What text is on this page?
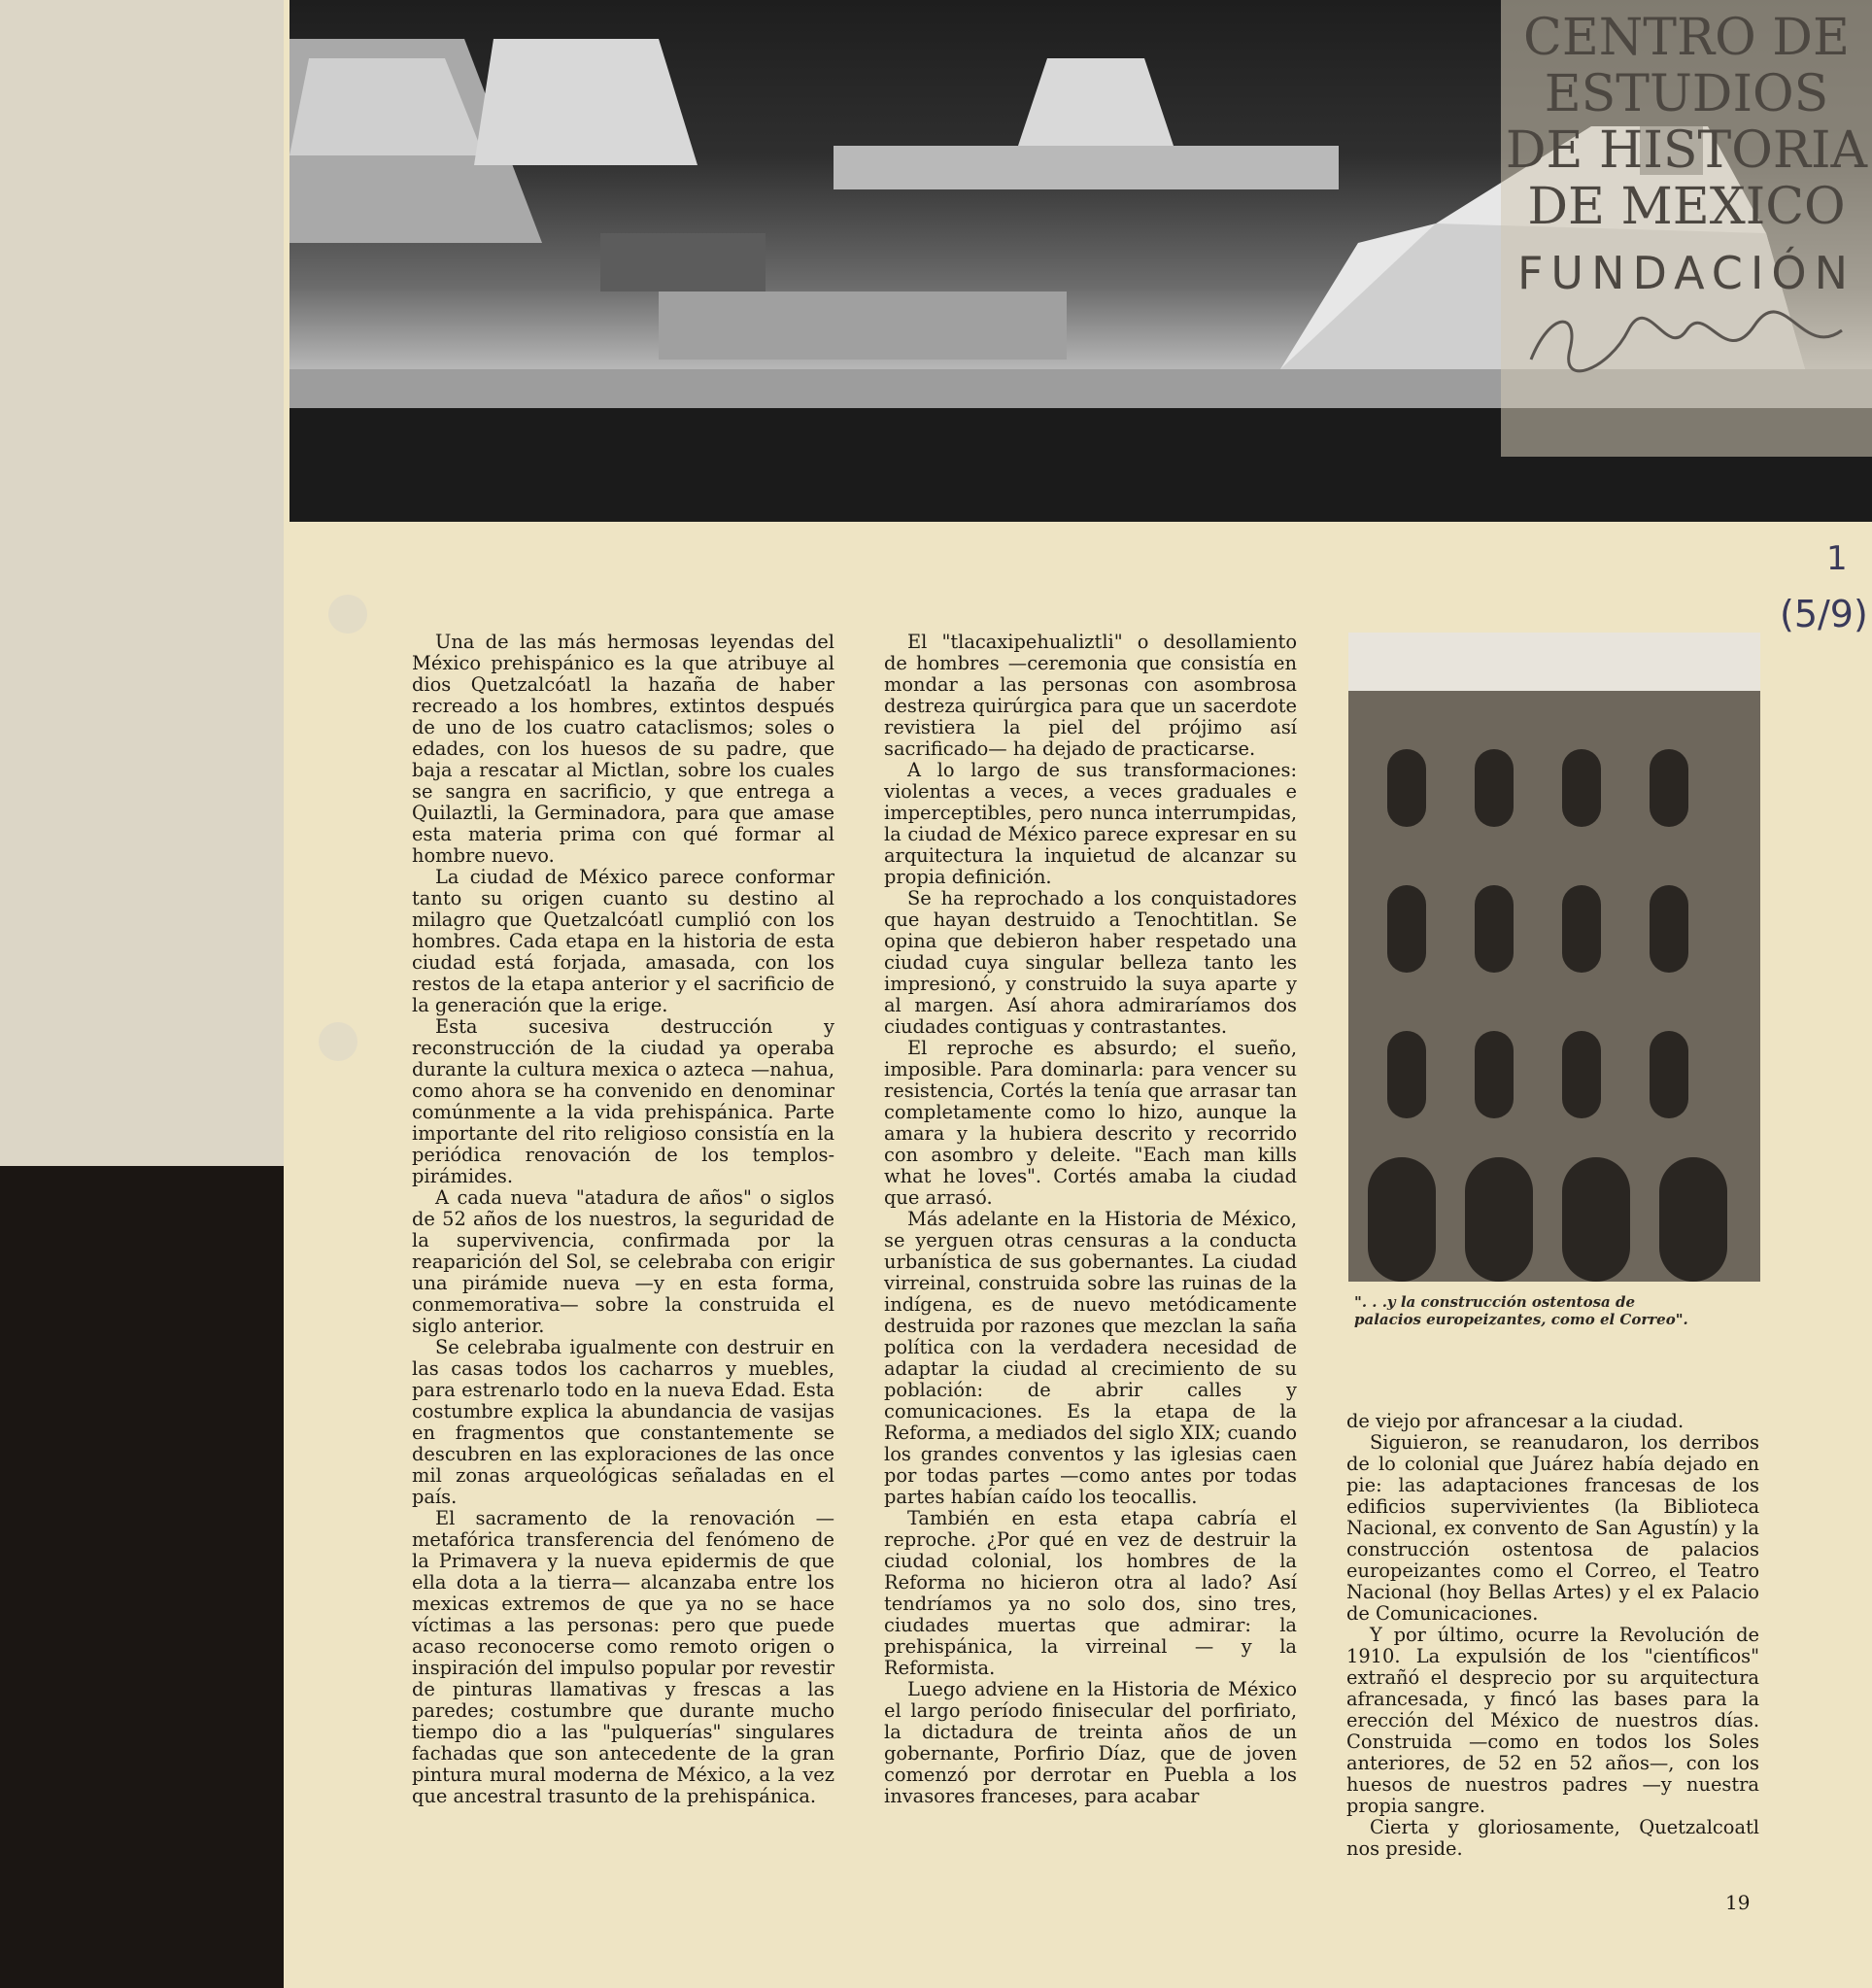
CENTRO DE
ESTUDIOS
DE HISTORIA
DE MEXICO
FUNDACIÓN
1
(5/9)

Una de las más hermosas leyendas del México prehispánico es la que atribuye al dios Quetzalcóatl la hazaña de haber recreado a los hombres, extintos después de uno de los cuatro cataclismos; soles o edades, con los huesos de su padre, que baja a rescatar al Mictlan, sobre los cuales se sangra en sacrificio, y que entrega a Quilaztli, la Germinadora, para que amase esta materia prima con qué formar al hombre nuevo.

La ciudad de México parece conformar tanto su origen cuanto su destino al milagro que Quetzalcóatl cumplió con los hombres. Cada etapa en la historia de esta ciudad está forjada, amasada, con los restos de la etapa anterior y el sacrificio de la generación que la erige.

Esta sucesiva destrucción y reconstrucción de la ciudad ya operaba durante la cultura mexica o azteca —nahua, como ahora se ha convenido en denominar comúnmente a la vida prehispánica. Parte importante del rito religioso consistía en la periódica renovación de los templos-pirámides.

A cada nueva "atadura de años" o siglos de 52 años de los nuestros, la seguridad de la supervivencia, confirmada por la reaparición del Sol, se celebraba con erigir una pirámide nueva —y en esta forma, conmemorativa— sobre la construida el siglo anterior.

Se celebraba igualmente con destruir en las casas todos los cacharros y muebles, para estrenarlo todo en la nueva Edad. Esta costumbre explica la abundancia de vasijas en fragmentos que constantemente se descubren en las exploraciones de las once mil zonas arqueológicas señaladas en el país.

El sacramento de la renovación —metafórica transferencia del fenómeno de la Primavera y la nueva epidermis de que ella dota a la tierra— alcanzaba entre los mexicas extremos de que ya no se hace víctimas a las personas: pero que puede acaso reconocerse como remoto origen o inspiración del impulso popular por revestir de pinturas llamativas y frescas a las paredes; costumbre que durante mucho tiempo dio a las "pulquerías" singulares fachadas que son antecedente de la gran pintura mural moderna de México, a la vez que ancestral trasunto de la prehispánica.

El "tlacaxipehualiztli" o desollamiento de hombres —ceremonia que consistía en mondar a las personas con asombrosa destreza quirúrgica para que un sacerdote revistiera la piel del prójimo así sacrificado— ha dejado de practicarse.

A lo largo de sus transformaciones: violentas a veces, a veces graduales e imperceptibles, pero nunca interrumpidas, la ciudad de México parece expresar en su arquitectura la inquietud de alcanzar su propia definición.

Se ha reprochado a los conquistadores que hayan destruido a Tenochtitlan. Se opina que debieron haber respetado una ciudad cuya singular belleza tanto les impresionó, y construido la suya aparte y al margen. Así ahora admiraríamos dos ciudades contiguas y contrastantes.

El reproche es absurdo; el sueño, imposible. Para dominarla: para vencer su resistencia, Cortés la tenía que arrasar tan completamente como lo hizo, aunque la amara y la hubiera descrito y recorrido con asombro y deleite. "Each man kills what he loves". Cortés amaba la ciudad que arrasó.

Más adelante en la Historia de México, se yerguen otras censuras a la conducta urbanística de sus gobernantes. La ciudad virreinal, construida sobre las ruinas de la indígena, es de nuevo metódicamente destruida por razones que mezclan la saña política con la verdadera necesidad de adaptar la ciudad al crecimiento de su población: de abrir calles y comunicaciones. Es la etapa de la Reforma, a mediados del siglo XIX; cuando los grandes conventos y las iglesias caen por todas partes —como antes por todas partes habían caído los teocallis.

También en esta etapa cabría el reproche. ¿Por qué en vez de destruir la ciudad colonial, los hombres de la Reforma no hicieron otra al lado? Así tendríamos ya no solo dos, sino tres, ciudades muertas que admirar: la prehispánica, la virreinal — y la Reformista.

Luego adviene en la Historia de México el largo período finisecular del porfiriato, la dictadura de treinta años de un gobernante, Porfirio Díaz, que de joven comenzó por derrotar en Puebla a los invasores franceses, para acabar

". . .y la construcción ostentosa de palacios europeizantes, como el Correo".

de viejo por afrancesar a la ciudad.

Siguieron, se reanudaron, los derribos de lo colonial que Juárez había dejado en pie: las adaptaciones francesas de los edificios supervivientes (la Biblioteca Nacional, ex convento de San Agustín) y la construcción ostentosa de palacios europeizantes como el Correo, el Teatro Nacional (hoy Bellas Artes) y el ex Palacio de Comunicaciones.

Y por último, ocurre la Revolución de 1910. La expulsión de los "científicos" extrañó el desprecio por su arquitectura afrancesada, y fincó las bases para la erección del México de nuestros días. Construida —como en todos los Soles anteriores, de 52 en 52 años—, con los huesos de nuestros padres —y nuestra propia sangre.

Cierta y gloriosamente, Quetzalcoatl nos preside.

19
